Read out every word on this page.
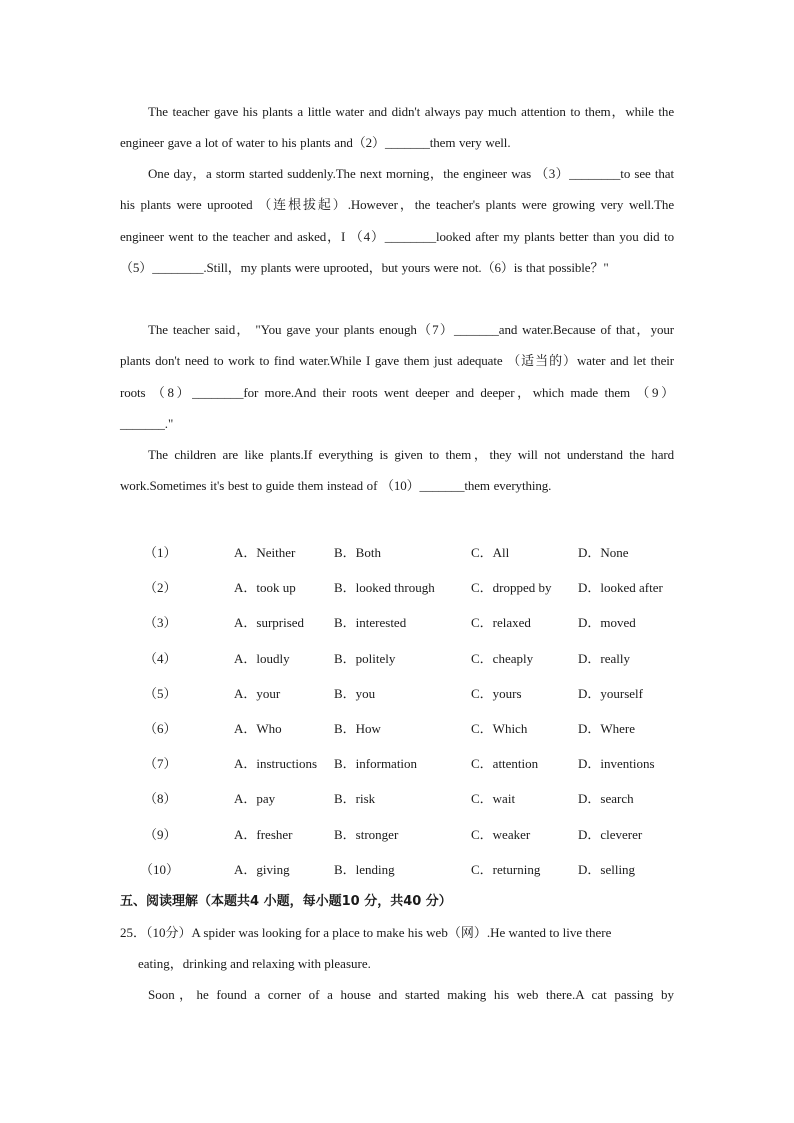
The teacher gave his plants a little water and didn't always pay much attention to them，while the engineer gave a lot of water to his plants and（2）_______them very well.

One day，a storm started suddenly.The next morning，the engineer was （3）________to see that his plants were uprooted （连根拔起）.However，the teacher's plants were growing very well.The engineer went to the teacher and asked，I （4）________looked after my plants better than you did to（5）________.Still，my plants were uprooted，but yours were not.（6）is that possible？"

The teacher said， "You gave your plants enough（7）_______and water.Because of that，your plants don't need to work to find water.While I gave them just adequate （适当的）water and let their roots （8）________for more.And their roots went deeper and deeper，which made them （9）_______."

The children are like plants.If everything is given to them，they will not understand the hard work.Sometimes it's best to guide them instead of （10）_______them everything.

（1）	A．Neither	B．Both	C．All	D．None
（2）	A．took up	B．looked through	C．dropped by D．looked after
（3）	A．surprised B．interested	C．relaxed	D．moved
（4）	A．loudly	B．politely	C．cheaply	D．really
（5）	A．your	B．you	C．yours	D．yourself
（6）	A．Who	B．How	C．Which	D．Where
（7）	A．instructions B．information	C．attention	D．inventions
（8）	A．pay	B．risk	C．wait	D．search
（9）	A．fresher	B．stronger	C．weaker	D．cleverer
（10）	A．giving	B．lending	C．returning	D．selling
五、阅读理解（本题共4 小题，每小题10 分，共40 分）

25．（10分）A spider was looking for a place to make his web（网）.He wanted to live there
eating，drinking and relaxing with pleasure.

Soon，he found a corner of a house and started making his web there.A cat passing by
